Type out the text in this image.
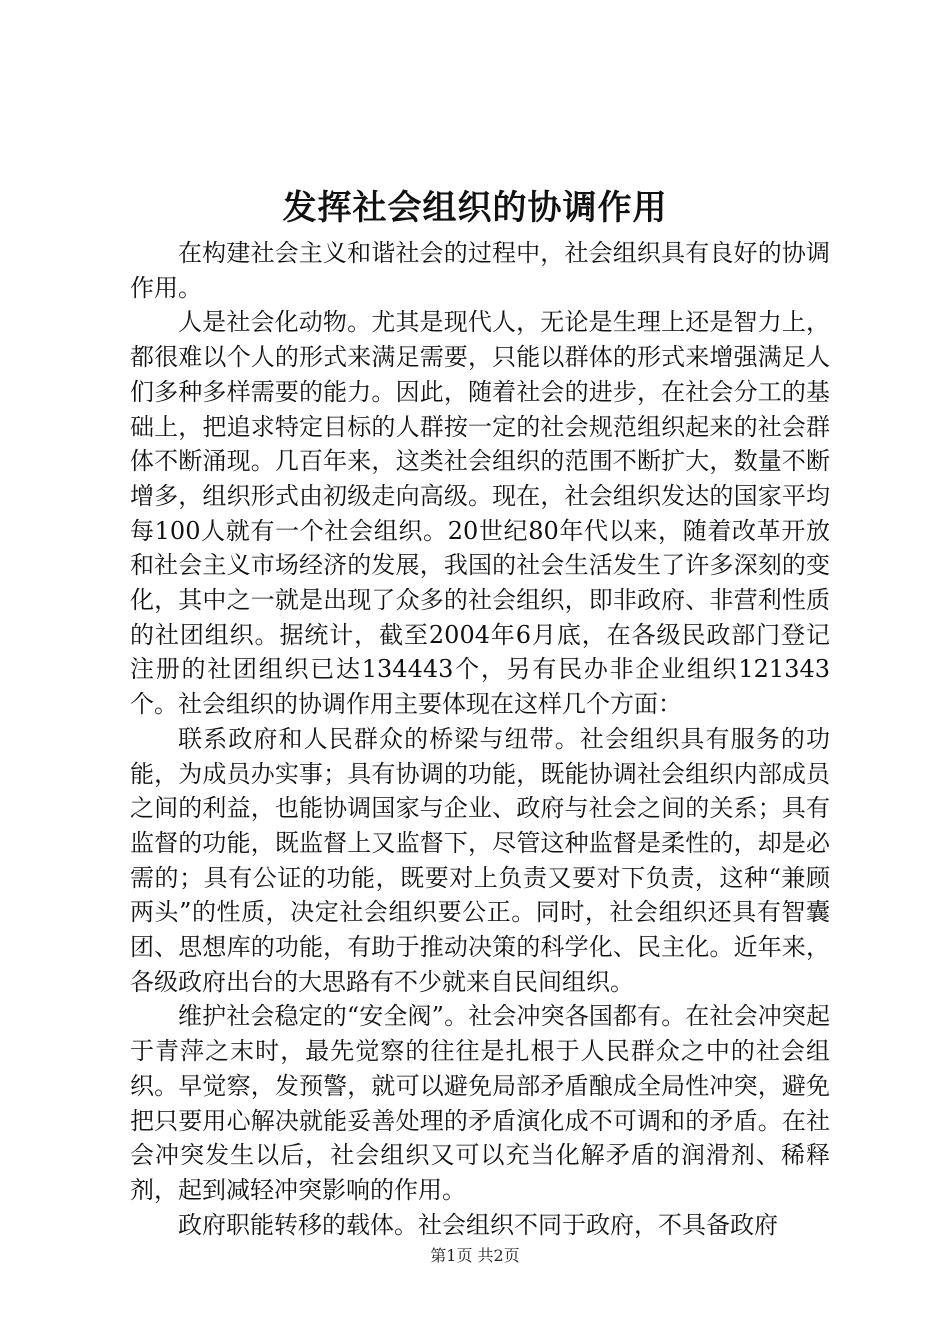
发挥社会组织的协调作用

在构建社会主义和谐社会的过程中，社会组织具有良好的协调作用。

人是社会化动物。尤其是现代人，无论是生理上还是智力上，都很难以个人的形式来满足需要，只能以群体的形式来增强满足人们多种多样需要的能力。因此，随着社会的进步，在社会分工的基础上，把追求特定目标的人群按一定的社会规范组织起来的社会群体不断涌现。几百年来，这类社会组织的范围不断扩大，数量不断增多，组织形式由初级走向高级。现在，社会组织发达的国家平均每100人就有一个社会组织。20世纪80年代以来，随着改革开放和社会主义市场经济的发展，我国的社会生活发生了许多深刻的变化，其中之一就是出现了众多的社会组织，即非政府、非营利性质的社团组织。据统计，截至2004年6月底，在各级民政部门登记注册的社团组织已达134443个，另有民办非企业组织121343个。社会组织的协调作用主要体现在这样几个方面：

联系政府和人民群众的桥梁与纽带。社会组织具有服务的功能，为成员办实事；具有协调的功能，既能协调社会组织内部成员之间的利益，也能协调国家与企业、政府与社会之间的关系；具有监督的功能，既监督上又监督下，尽管这种监督是柔性的，却是必需的；具有公证的功能，既要对上负责又要对下负责，这种“兼顾两头”的性质，决定社会组织要公正。同时，社会组织还具有智囊团、思想库的功能，有助于推动决策的科学化、民主化。近年来，各级政府出台的大思路有不少就来自民间组织。

维护社会稳定的“安全阀”。社会冲突各国都有。在社会冲突起于青萍之末时，最先觉察的往往是扎根于人民群众之中的社会组织。早觉察，发预警，就可以避免局部矛盾酿成全局性冲突，避免把只要用心解决就能妥善处理的矛盾演化成不可调和的矛盾。在社会冲突发生以后，社会组织又可以充当化解矛盾的润滑剂、稀释剂，起到减轻冲突影响的作用。

政府职能转移的载体。社会组织不同于政府，不具备政府

第1页 共2页
